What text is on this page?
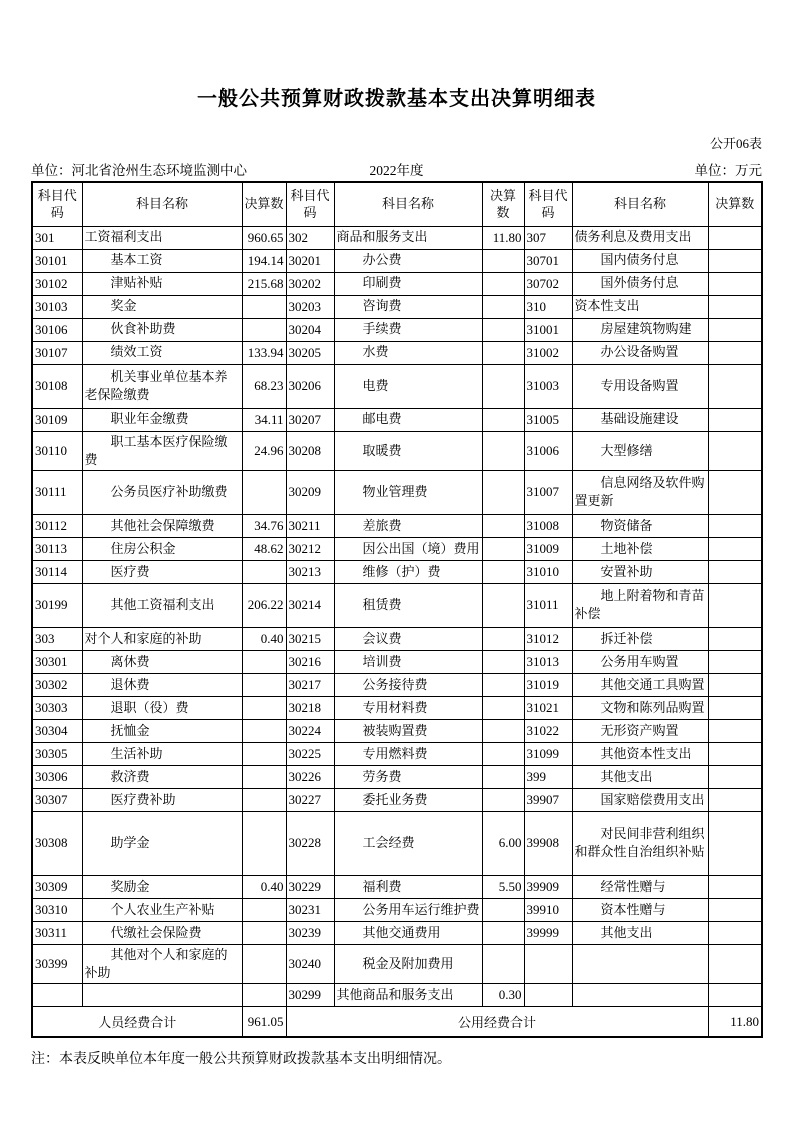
一般公共预算财政拨款基本支出决算明细表
公开06表
单位：河北省沧州生态环境监测中心	2022年度	单位：万元
科目代码	科目名称	决算数	科目代码	科目名称	决算数	科目代码	科目名称	决算数
301	工资福利支出	960.65	302	商品和服务支出	11.80	307	债务利息及费用支出	
30101	基本工资	194.14	30201	办公费		30701	国内债务付息	
30102	津贴补贴	215.68	30202	印刷费		30702	国外债务付息	
30103	奖金		30203	咨询费		310	资本性支出	
30106	伙食补助费		30204	手续费		31001	房屋建筑物购建	
30107	绩效工资	133.94	30205	水费		31002	办公设备购置	
30108	机关事业单位基本养老保险缴费	68.23	30206	电费		31003	专用设备购置	
30109	职业年金缴费	34.11	30207	邮电费		31005	基础设施建设	
30110	职工基本医疗保险缴费	24.96	30208	取暖费		31006	大型修缮	
30111	公务员医疗补助缴费		30209	物业管理费		31007	信息网络及软件购置更新	
30112	其他社会保障缴费	34.76	30211	差旅费		31008	物资储备	
30113	住房公积金	48.62	30212	因公出国（境）费用		31009	土地补偿	
30114	医疗费		30213	维修（护）费		31010	安置补助	
30199	其他工资福利支出	206.22	30214	租赁费		31011	地上附着物和青苗补偿	
303	对个人和家庭的补助	0.40	30215	会议费		31012	拆迁补偿	
30301	离休费		30216	培训费		31013	公务用车购置	
30302	退休费		30217	公务接待费		31019	其他交通工具购置	
30303	退职（役）费		30218	专用材料费		31021	文物和陈列品购置	
30304	抚恤金		30224	被装购置费		31022	无形资产购置	
30305	生活补助		30225	专用燃料费		31099	其他资本性支出	
30306	救济费		30226	劳务费		399	其他支出	
30307	医疗费补助		30227	委托业务费		39907	国家赔偿费用支出	
30308	助学金		30228	工会经费	6.00	39908	对民间非营利组织和群众性自治组织补贴	
30309	奖励金	0.40	30229	福利费	5.50	39909	经常性赠与	
30310	个人农业生产补贴		30231	公务用车运行维护费		39910	资本性赠与	
30311	代缴社会保险费		30239	其他交通费用		39999	其他支出	
30399	其他对个人和家庭的补助		30240	税金及附加费用				
			30299	其他商品和服务支出	0.30			
人员经费合计		961.05	公用经费合计					11.80
注：本表反映单位本年度一般公共预算财政拨款基本支出明细情况。
